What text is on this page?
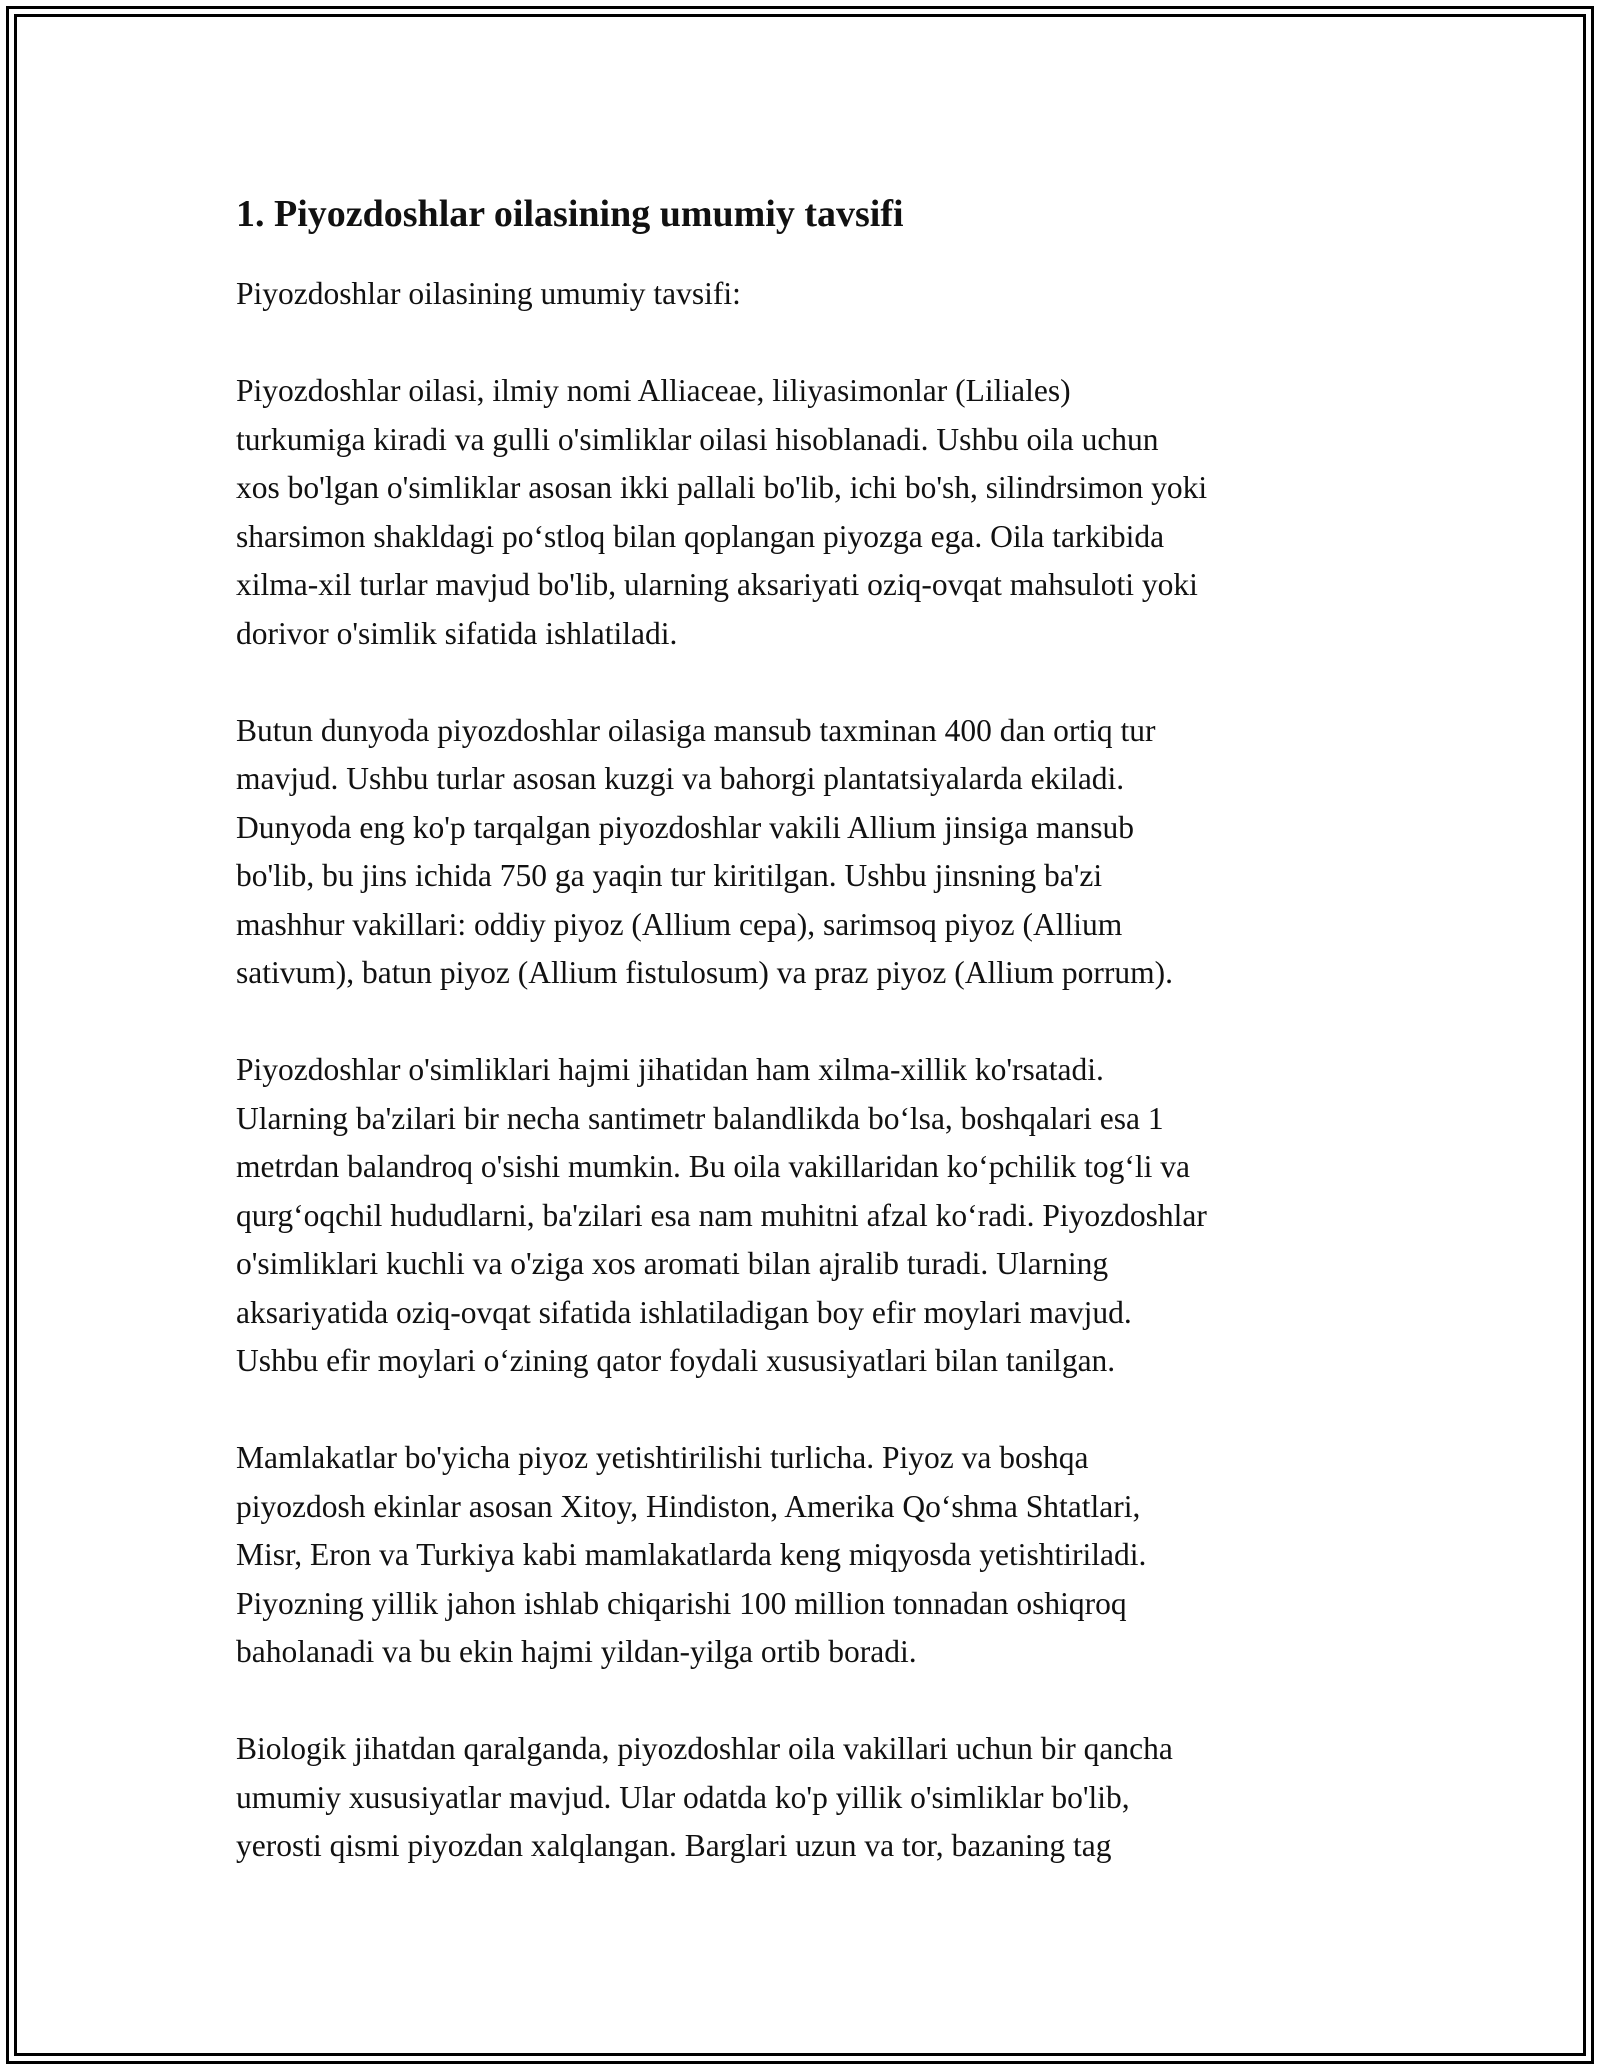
1. Piyozdoshlar oilasining umumiy tavsifi

Piyozdoshlar oilasining umumiy tavsifi:

Piyozdoshlar oilasi, ilmiy nomi Alliaceae, liliyasimonlar (Liliales)
turkumiga kiradi va gulli o'simliklar oilasi hisoblanadi. Ushbu oila uchun
xos bo'lgan o'simliklar asosan ikki pallali bo'lib, ichi bo'sh, silindrsimon yoki
sharsimon shakldagi po‘stloq bilan qoplangan piyozga ega. Oila tarkibida
xilma-xil turlar mavjud bo'lib, ularning aksariyati oziq-ovqat mahsuloti yoki
dorivor o'simlik sifatida ishlatiladi.

Butun dunyoda piyozdoshlar oilasiga mansub taxminan 400 dan ortiq tur
mavjud. Ushbu turlar asosan kuzgi va bahorgi plantatsiyalarda ekiladi.
Dunyoda eng ko'p tarqalgan piyozdoshlar vakili Allium jinsiga mansub
bo'lib, bu jins ichida 750 ga yaqin tur kiritilgan. Ushbu jinsning ba'zi
mashhur vakillari: oddiy piyoz (Allium cepa), sarimsoq piyoz (Allium
sativum), batun piyoz (Allium fistulosum) va praz piyoz (Allium porrum).

Piyozdoshlar o'simliklari hajmi jihatidan ham xilma-xillik ko'rsatadi.
Ularning ba'zilari bir necha santimetr balandlikda bo‘lsa, boshqalari esa 1
metrdan balandroq o'sishi mumkin. Bu oila vakillaridan ko‘pchilik tog‘li va
qurg‘oqchil hududlarni, ba'zilari esa nam muhitni afzal ko‘radi. Piyozdoshlar
o'simliklari kuchli va o'ziga xos aromati bilan ajralib turadi. Ularning
aksariyatida oziq-ovqat sifatida ishlatiladigan boy efir moylari mavjud.
Ushbu efir moylari o‘zining qator foydali xususiyatlari bilan tanilgan.

Mamlakatlar bo'yicha piyoz yetishtirilishi turlicha. Piyoz va boshqa
piyozdosh ekinlar asosan Xitoy, Hindiston, Amerika Qo‘shma Shtatlari,
Misr, Eron va Turkiya kabi mamlakatlarda keng miqyosda yetishtiriladi.
Piyozning yillik jahon ishlab chiqarishi 100 million tonnadan oshiqroq
baholanadi va bu ekin hajmi yildan-yilga ortib boradi.

Biologik jihatdan qaralganda, piyozdoshlar oila vakillari uchun bir qancha
umumiy xususiyatlar mavjud. Ular odatda ko'p yillik o'simliklar bo'lib,
yerosti qismi piyozdan xalqlangan. Barglari uzun va tor, bazaning tag
